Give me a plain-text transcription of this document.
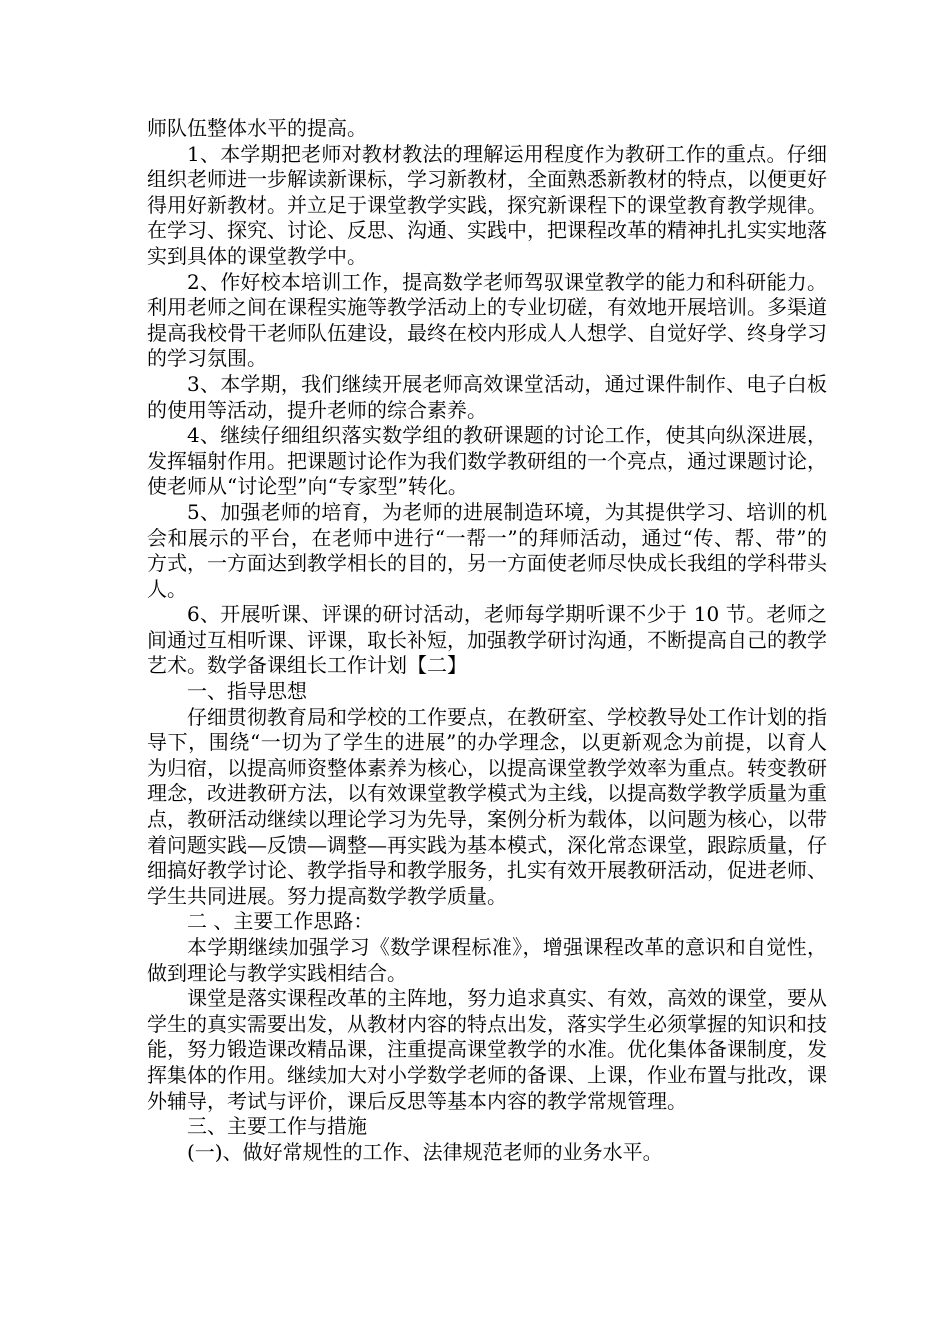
师队伍整体水平的提高。

1、本学期把老师对教材教法的理解运用程度作为教研工作的重点。仔细组织老师进一步解读新课标，学习新教材，全面熟悉新教材的特点，以便更好得用好新教材。并立足于课堂教学实践，探究新课程下的课堂教育教学规律。在学习、探究、讨论、反思、沟通、实践中，把课程改革的精神扎扎实实地落实到具体的课堂教学中。

2、作好校本培训工作，提高数学老师驾驭课堂教学的能力和科研能力。利用老师之间在课程实施等教学活动上的专业切磋，有效地开展培训。多渠道提高我校骨干老师队伍建设，最终在校内形成人人想学、自觉好学、终身学习的学习氛围。

3、本学期，我们继续开展老师高效课堂活动，通过课件制作、电子白板的使用等活动，提升老师的综合素养。

4、继续仔细组织落实数学组的教研课题的讨论工作，使其向纵深进展，发挥辐射作用。把课题讨论作为我们数学教研组的一个亮点，通过课题讨论，使老师从“讨论型”向“专家型”转化。

5、加强老师的培育，为老师的进展制造环境，为其提供学习、培训的机会和展示的平台，在老师中进行“一帮一”的拜师活动，通过“传、帮、带”的方式，一方面达到教学相长的目的，另一方面使老师尽快成长我组的学科带头人。

6、开展听课、评课的研讨活动，老师每学期听课不少于 10 节。老师之间通过互相听课、评课，取长补短，加强教学研讨沟通，不断提高自己的教学艺术。数学备课组长工作计划【二】

一、指导思想

仔细贯彻教育局和学校的工作要点，在教研室、学校教导处工作计划的指导下，围绕“一切为了学生的进展”的办学理念，以更新观念为前提，以育人为归宿，以提高师资整体素养为核心，以提高课堂教学效率为重点。转变教研理念，改进教研方法，以有效课堂教学模式为主线，以提高数学教学质量为重点，教研活动继续以理论学习为先导，案例分析为载体，以问题为核心，以带着问题实践—反馈—调整—再实践为基本模式，深化常态课堂，跟踪质量，仔细搞好教学讨论、教学指导和教学服务，扎实有效开展教研活动，促进老师、学生共同进展。努力提高数学教学质量。

二 、主要工作思路：

本学期继续加强学习《数学课程标准》，增强课程改革的意识和自觉性，做到理论与教学实践相结合。

课堂是落实课程改革的主阵地，努力追求真实、有效，高效的课堂，要从学生的真实需要出发，从教材内容的特点出发，落实学生必须掌握的知识和技能，努力锻造课改精品课，注重提高课堂教学的水准。优化集体备课制度，发挥集体的作用。继续加大对小学数学老师的备课、上课，作业布置与批改，课外辅导，考试与评价，课后反思等基本内容的教学常规管理。

三、主要工作与措施

(一)、做好常规性的工作、法律规范老师的业务水平。
